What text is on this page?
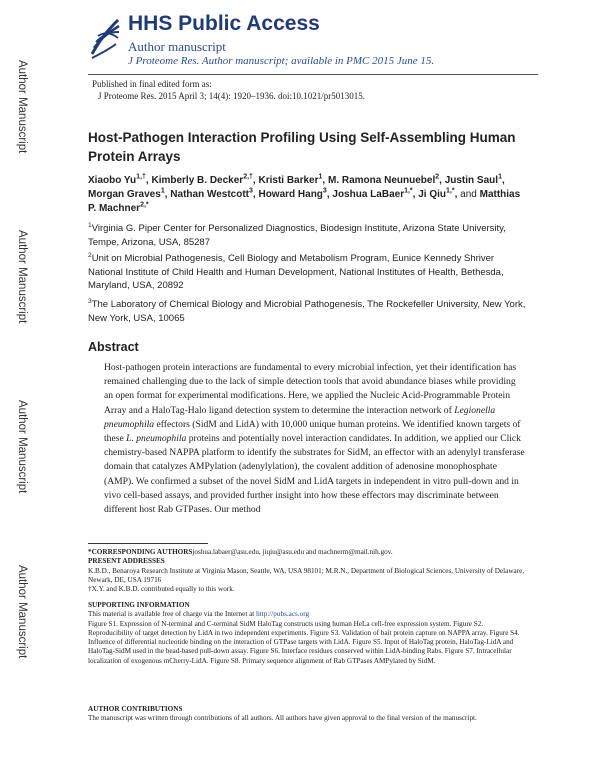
Author Manuscript
Author Manuscript
Author Manuscript
Author Manuscript
HHS Public Access
Author manuscript
J Proteome Res. Author manuscript; available in PMC 2015 June 15.
Published in final edited form as:
J Proteome Res. 2015 April 3; 14(4): 1920–1936. doi:10.1021/pr5013015.
Host-Pathogen Interaction Profiling Using Self-Assembling Human Protein Arrays
Xiaobo $Yu^{1,\dagger}$, Kimberly B. Decker$^{2,\dagger}$, Kristi Barker$^1$, M. Ramona Neunuebel$^2$, Justin Saul$^1$, Morgan Graves$^1$, Nathan Westcott$^3$, Howard Hang$^3$, Joshua LaBaer$^{1,*}$, Ji Qiu$^{1,*}$, and Matthias P. Machner$^{2,*}$
$^1$Virginia G. Piper Center for Personalized Diagnostics, Biodesign Institute, Arizona State University, Tempe, Arizona, USA, 85287
$^2$Unit on Microbial Pathogenesis, Cell Biology and Metabolism Program, Eunice Kennedy Shriver National Institute of Child Health and Human Development, National Institutes of Health, Bethesda, Maryland, USA, 20892
$^3$The Laboratory of Chemical Biology and Microbial Pathogenesis, The Rockefeller University, New York, New York, USA, 10065
Abstract
Host-pathogen protein interactions are fundamental to every microbial infection, yet their identification has remained challenging due to the lack of simple detection tools that avoid abundance biases while providing an open format for experimental modifications. Here, we applied the Nucleic Acid-Programmable Protein Array and a HaloTag-Halo ligand detection system to determine the interaction network of Legionella pneumophila effectors (SidM and LidA) with 10,000 unique human proteins. We identified known targets of these L. pneumophila proteins and potentially novel interaction candidates. In addition, we applied our Click chemistry-based NAPPA platform to identify the substrates for SidM, an effector with an adenylyl transferase domain that catalyzes AMPylation (adenylylation), the covalent addition of adenosine monophosphate (AMP). We confirmed a subset of the novel SidM and LidA targets in independent in vitro pull-down and in vivo cell-based assays, and provided further insight into how these effectors may discriminate between different host Rab GTPases. Our method
*CORRESPONDING AUTHORSjoshua.labaer@asu.edu, jiqiu@asu.edu and machnerm@mail.nih.gov.
PRESENT ADDRESSES
K.B.D., Benaroya Research Institute at Virginia Mason, Seattle, WA, USA 98101; M.R.N., Department of Biological Sciences, University of Delaware, Newark, DE, USA 19716
†X.Y. and K.B.D. contributed equally to this work.
SUPPORTING INFORMATION
This material is available free of charge via the Internet at http://pubs.acs.org
Figure S1. Expression of N-terminal and C-terminal SidM HaloTag constructs using human HeLa cell-free expression system. Figure S2. Reproducibility of target detection by LidA in two independent experiments. Figure S3. Validation of bait protein capture on NAPPA array. Figure S4. Influence of differential nucleotide binding on the interaction of GTPase targets with LidA. Figure S5. Input of HaloTag protein, HaloTag-LidA and HaloTag-SidM used in the bead-based pull-down assay. Figure S6. Interface residues conserved within LidA-binding Rabs. Figure S7. Intracellular localization of exogenous mCherry-LidA. Figure S8. Primary sequence alignment of Rab GTPases AMPylated by SidM.
AUTHOR CONTRIBUTIONS
The manuscript was written through contributions of all authors. All authors have given approval to the final version of the manuscript.
